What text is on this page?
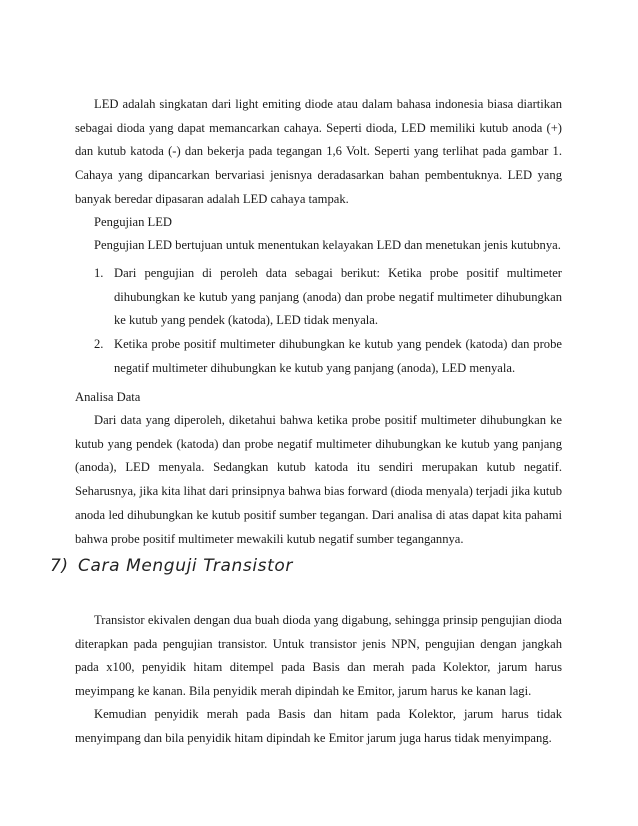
LED adalah singkatan dari light emiting diode atau dalam bahasa indonesia biasa diartikan
sebagai dioda yang dapat memancarkan cahaya. Seperti dioda, LED memiliki kutub anoda (+)
dan kutub katoda (-) dan bekerja pada tegangan 1,6 Volt. Seperti yang terlihat pada gambar 1.
Cahaya yang dipancarkan bervariasi jenisnya deradasarkan bahan pembentuknya. LED yang
banyak beredar dipasaran adalah LED cahaya tampak.
Pengujian LED
Pengujian LED bertujuan untuk menentukan kelayakan LED dan menetukan jenis kutubnya.
1. Dari pengujian di peroleh data sebagai berikut: Ketika probe positif multimeter
dihubungkan ke kutub yang panjang (anoda) dan probe negatif multimeter dihubungkan
ke kutub yang pendek (katoda), LED tidak menyala.
2. Ketika probe positif multimeter dihubungkan ke kutub yang pendek (katoda) dan probe
negatif multimeter dihubungkan ke kutub yang panjang (anoda), LED menyala.
Analisa Data
Dari data yang diperoleh, diketahui bahwa ketika probe positif multimeter dihubungkan ke
kutub yang pendek (katoda) dan probe negatif multimeter dihubungkan ke kutub yang panjang
(anoda), LED menyala. Sedangkan kutub katoda itu sendiri merupakan kutub negatif.
Seharusnya, jika kita lihat dari prinsipnya bahwa bias forward (dioda menyala) terjadi jika kutub
anoda led dihubungkan ke kutub positif sumber tegangan. Dari analisa di atas dapat kita pahami
bahwa probe positif multimeter mewakili kutub negatif sumber tegangannya.
7) Cara Menguji Transistor
Transistor ekivalen dengan dua buah dioda yang digabung, sehingga prinsip pengujian dioda
diterapkan pada pengujian transistor. Untuk transistor jenis NPN, pengujian dengan jangkah
pada x100, penyidik hitam ditempel pada Basis dan merah pada Kolektor, jarum harus
meyimpang ke kanan. Bila penyidik merah dipindah ke Emitor, jarum harus ke kanan lagi.
Kemudian penyidik merah pada Basis dan hitam pada Kolektor, jarum harus tidak
menyimpang dan bila penyidik hitam dipindah ke Emitor jarum juga harus tidak menyimpang.
